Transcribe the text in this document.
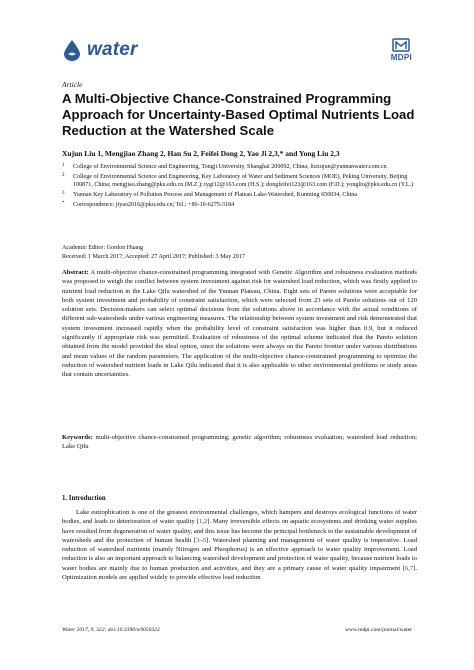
water	MDPI
Article
A Multi-Objective Chance-Constrained Programming Approach for Uncertainty-Based Optimal Nutrients Load Reduction at the Watershed Scale
Xujun Liu 1, Mengjiao Zhang 2, Han Su 2, Feifei Dong 2, Yao Ji 2,3,* and Yong Liu 2,3
1 College of Environmental Science and Engineering, Tongji University, Shanghai 200092, China; liuxujun@yunnanwater.com.cn
2 College of Environmental Science and Engineering, Key Laboratory of Water and Sediment Sciences (MOE), Peking University, Beijing 100871, China; mengjiao.zhang@pku.edu.cn (M.Z.); tygt12@163.com (H.S.); dongfeifei123@163.com (F.D.); yongliu@pku.edu.cn (Y.L.)
3 Yunnan Key Laboratory of Pollution Process and Management of Plateau Lake-Watershed, Kunming 650034, China
* Correspondence: jiyao2016@pku.edu.cn; Tel.: +86-10-6275-3184
Academic Editor: Gordon Huang
Received: 1 March 2017; Accepted: 27 April 2017; Published: 3 May 2017
Abstract: A multi-objective chance-constrained programming integrated with Genetic Algorithm and robustness evaluation methods was proposed to weigh the conflict between system investment against risk for watershed load reduction, which was firstly applied to nutrient load reduction in the Lake Qilu watershed of the Yunnan Plateau, China. Eight sets of Pareto solutions were acceptable for both system investment and probability of constraint satisfaction, which were selected from 23 sets of Pareto solutions out of 120 solution sets. Decision-makers can select optimal decisions from the solutions above in accordance with the actual conditions of different sub-watersheds under various engineering measures. The relationship between system investment and risk demonstrated that system investment increased rapidly when the probability level of constraint satisfaction was higher than 0.9, but it reduced significantly if appropriate risk was permitted. Evaluation of robustness of the optimal scheme indicated that the Pareto solution obtained from the model provided the ideal option, since the solutions were always on the Pareto frontier under various distributions and mean values of the random parameters. The application of the multi-objective chance-constrained programming to optimize the reduction of watershed nutrient loads in Lake Qilu indicated that it is also applicable to other environmental problems or study areas that contain uncertainties.
Keywords: multi-objective chance-constrained programming; genetic algorithm; robustness evaluation; watershed load reduction; Lake Qilu
1. Introduction
Lake eutrophication is one of the greatest environmental challenges, which hampers and destroys ecological functions of water bodies, and leads to deterioration of water quality [1,2]. Many irreversible effects on aquatic ecosystems and drinking water supplies have resulted from degeneration of water quality, and this issue has become the principal bottleneck to the sustainable development of watersheds and the protection of human health [3–5]. Watershed planning and management of water quality is imperative. Load reduction of watershed nutrients (mainly Nitrogen and Phosphorus) is an effective approach to water quality improvement. Load reduction is also an important approach to balancing watershed development and protection of water quality, because nutrient loads to water bodies are mainly due to human production and activities, and they are a primary cause of water quality impairment [6,7]. Optimization models are applied widely to provide effective load reduction
Water 2017, 9, 322; doi:10.3390/w9050322	www.mdpi.com/journal/water
